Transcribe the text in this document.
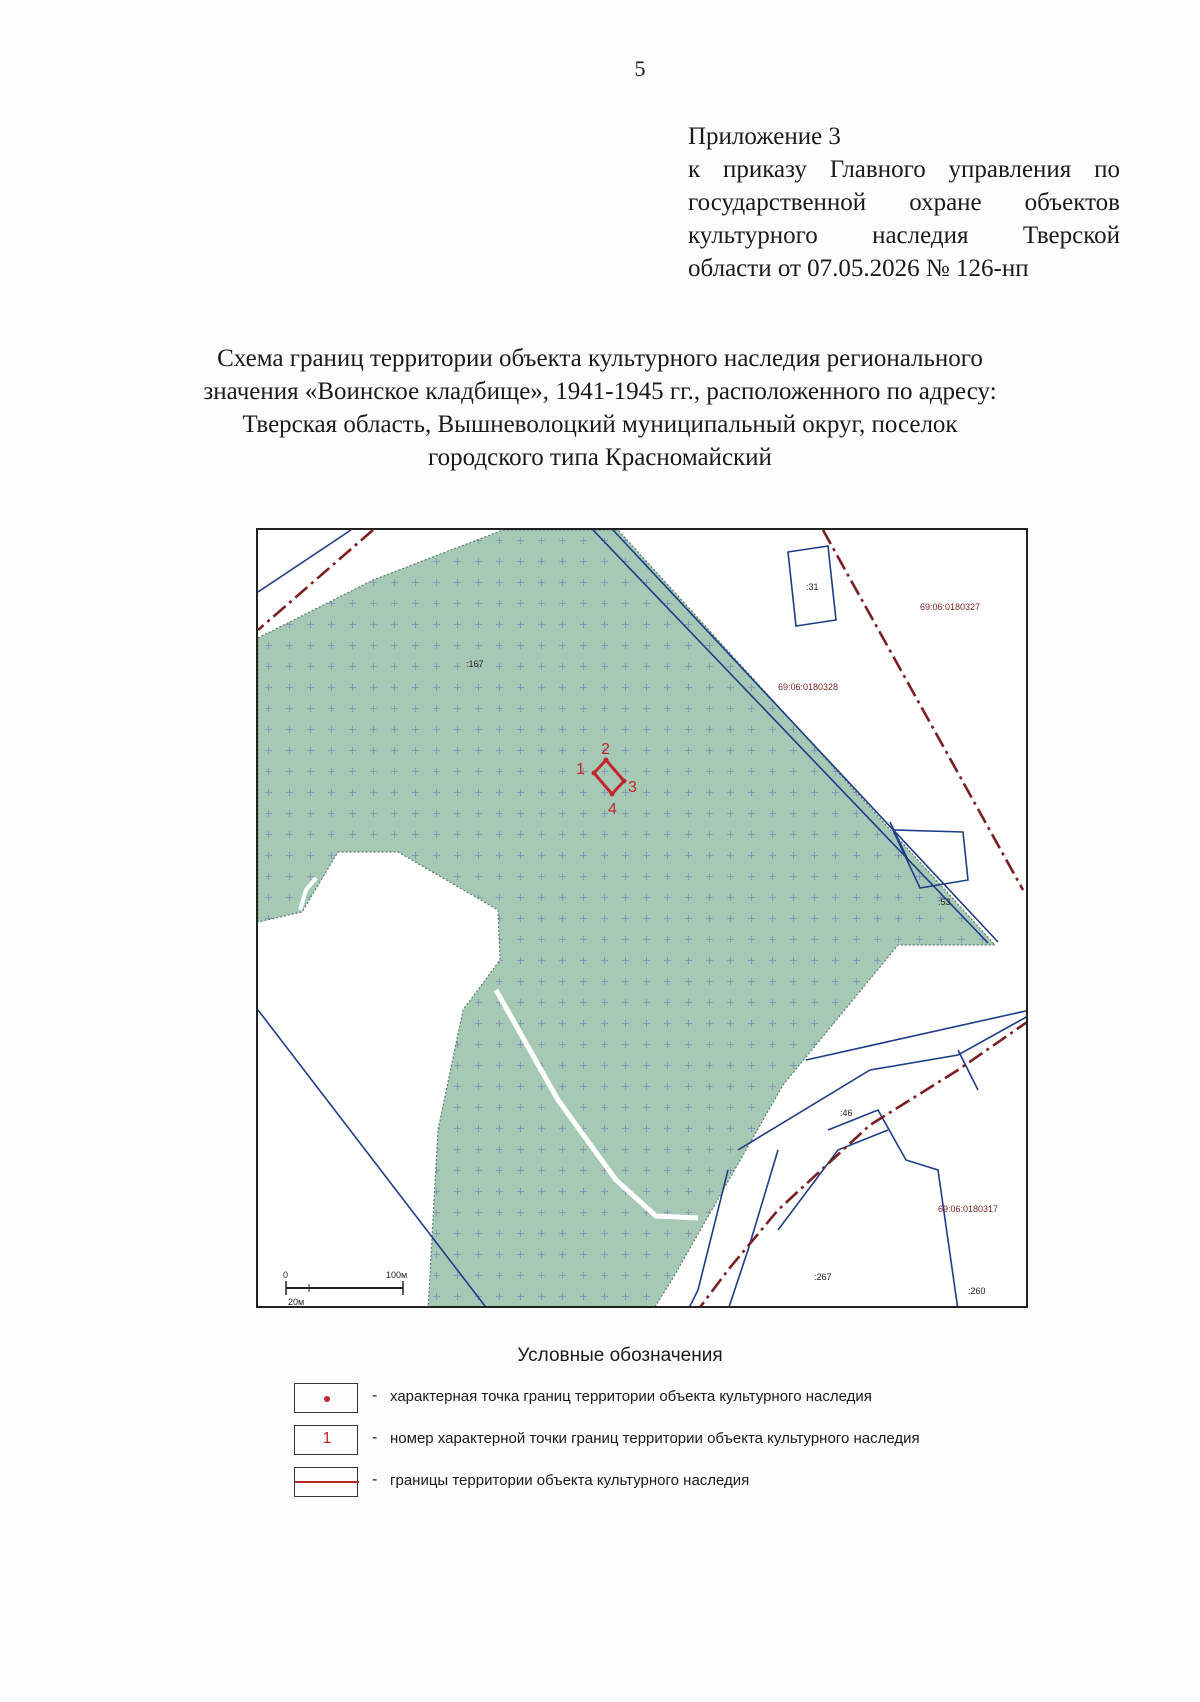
5
Приложение 3
к приказу Главного управления по
государственной охране объектов
культурного наследия Тверской
области от 07.05.2026 № 126-нп
Схема границ территории объекта культурного наследия регионального
значения «Воинское кладбище», 1941-1945 гг., расположенного по адресу:
Тверская область, Вышневолоцкий муниципальный округ, поселок
городского типа Красномайский
1
2
3
4
:167
:31
:53
:46
:267
:260
69:06:0180327
69:06:0180328
69:06:0180317
0	100м
20м
Условные обозначения
- характерная точка границ территории объекта культурного наследия
1	- номер характерной точки границ территории объекта культурного наследия
- границы территории объекта культурного наследия
